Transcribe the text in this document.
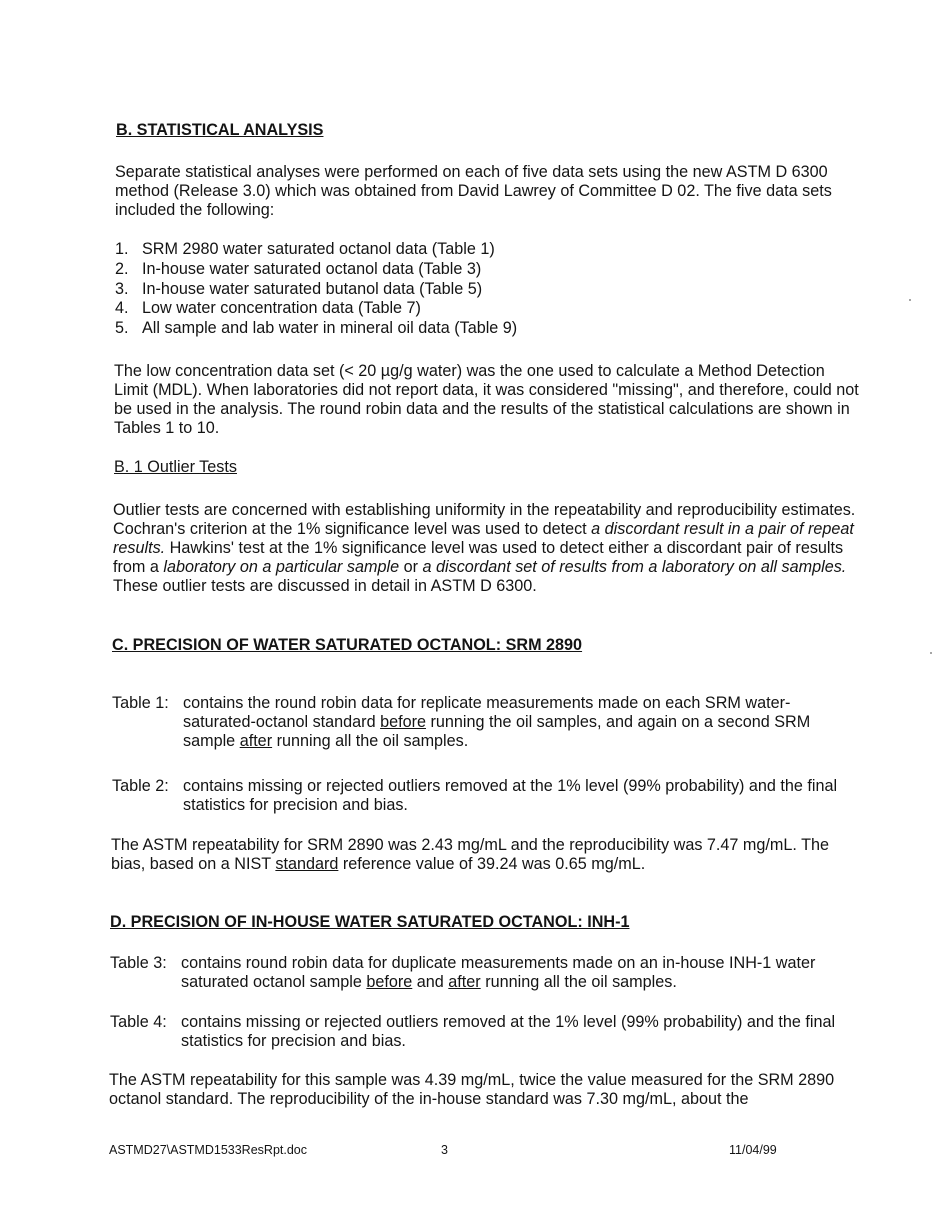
B. STATISTICAL ANALYSIS

Separate statistical analyses were performed on each of five data sets using the new ASTM D 6300 method (Release 3.0) which was obtained from David Lawrey of Committee D 02. The five data sets included the following:

1. SRM 2980 water saturated octanol data (Table 1)
2. In-house water saturated octanol data (Table 3)
3. In-house water saturated butanol data (Table 5)
4. Low water concentration data (Table 7)
5. All sample and lab water in mineral oil data (Table 9)

The low concentration data set (< 20 µg/g water) was the one used to calculate a Method Detection Limit (MDL). When laboratories did not report data, it was considered "missing", and therefore, could not be used in the analysis. The round robin data and the results of the statistical calculations are shown in Tables 1 to 10.

B. 1 Outlier Tests

Outlier tests are concerned with establishing uniformity in the repeatability and reproducibility estimates. Cochran's criterion at the 1% significance level was used to detect a discordant result in a pair of repeat results. Hawkins' test at the 1% significance level was used to detect either a discordant pair of results from a laboratory on a particular sample or a discordant set of results from a laboratory on all samples. These outlier tests are discussed in detail in ASTM D 6300.

C. PRECISION OF WATER SATURATED OCTANOL: SRM 2890
Table 1: contains the round robin data for replicate measurements made on each SRM water-saturated-octanol standard before running the oil samples, and again on a second SRM sample after running all the oil samples.

Table 2: contains missing or rejected outliers removed at the 1% level (99% probability) and the final statistics for precision and bias.

The ASTM repeatability for SRM 2890 was 2.43 mg/mL and the reproducibility was 7.47 mg/mL. The bias, based on a NIST standard reference value of 39.24 was 0.65 mg/mL.

D. PRECISION OF IN-HOUSE WATER SATURATED OCTANOL: INH-1
Table 3: contains round robin data for duplicate measurements made on an in-house INH-1 water saturated octanol sample before and after running all the oil samples.

Table 4: contains missing or rejected outliers removed at the 1% level (99% probability) and the final statistics for precision and bias.

The ASTM repeatability for this sample was 4.39 mg/mL, twice the value measured for the SRM 2890 octanol standard. The reproducibility of the in-house standard was 7.30 mg/mL, about the

ASTMD27\ASTMD1533ResRpt.doc	3	11/04/99
